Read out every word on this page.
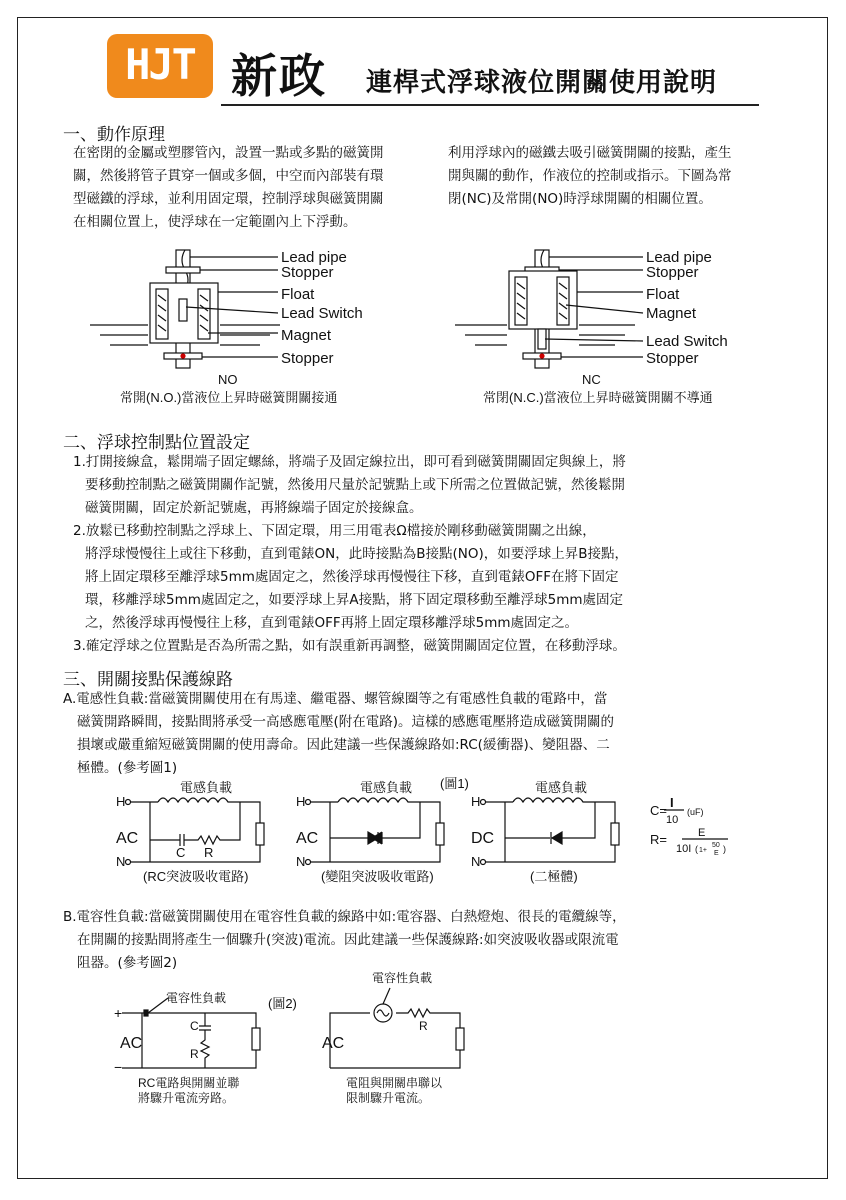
HJT 新政 連桿式浮球液位開關使用說明
一、動作原理

在密閉的金屬或塑膠管內，設置一點或多點的磁簧開

關，然後將管子貫穿一個或多個，中空而內部裝有環

型磁鐵的浮球，並利用固定環，控制浮球與磁簧開關

在相關位置上，使浮球在一定範圍內上下浮動。

利用浮球內的磁鐵去吸引磁簧開關的接點，產生

開與關的動作，作液位的控制或指示。下圖為常

閉(NC)及常開(NO)時浮球開關的相關位置。

Lead pipe
Stopper
Float
Lead Switch
Magnet
Stopper
NO
常開(N.O.)當液位上昇時磁簧開關接通
Lead pipe
Stopper
Float
Magnet
Lead Switch
Stopper
NC
常閉(N.C.)當液位上昇時磁簧開關不導通
二、浮球控制點位置設定

1.打開接線盒，鬆開端子固定螺絲，將端子及固定線拉出，即可看到磁簧開關固定與線上，將

要移動控制點之磁簧開關作記號，然後用尺量於記號點上或下所需之位置做記號，然後鬆開

磁簧開關，固定於新記號處，再將線端子固定於接線盒。

2.放鬆已移動控制點之浮球上、下固定環，用三用電表Ω檔接於剛移動磁簧開關之出線，

將浮球慢慢往上或往下移動，直到電錶ON，此時接點為B接點(NO)，如要浮球上昇B接點，

將上固定環移至離浮球5mm處固定之，然後浮球再慢慢往下移，直到電錶OFF在將下固定

環，移離浮球5mm處固定之，如要浮球上昇A接點，將下固定環移動至離浮球5mm處固定

之，然後浮球再慢慢往上移，直到電錶OFF再將上固定環移離浮球5mm處固定之。

3.確定浮球之位置點是否為所需之點，如有誤重新再調整，磁簧開關固定位置，在移動浮球。

三、開關接點保護線路

A.電感性負載:當磁簧開關使用在有馬達、繼電器、螺管線圈等之有電感性負載的電路中，當

磁簧開路瞬間，接點間將承受一高感應電壓(附在電路)。這樣的感應電壓將造成磁簧開關的

損壞或嚴重縮短磁簧開關的使用壽命。因此建議一些保護線路如:RC(緩衝器)、變阻器、二

極體。(參考圖1)

電感負載	電感負載	電感負載
(圖1)
H
N
H
N
H
N
AC	AC	DC
C R
(RC突波吸收電路)	(變阻突波吸收電路)	(二極體)
C=
I
10
(uF)
R=	E
10I ( 1+
50
E )

B.電容性負載:當磁簧開關使用在電容性負載的線路中如:電容器、白熱燈炮、很長的電纜線等，

在開關的接點間將產生一個驟升(突波)電流。因此建議一些保護線路:如突波吸收器或限流電

阻器。(參考圖2)

電容性負載	(圖2)
電容性負載
+
−
AC	AC
C
R
R
RC電路與開關並聯
將驟升電流旁路。
電阻與開關串聯以
限制驟升電流。
